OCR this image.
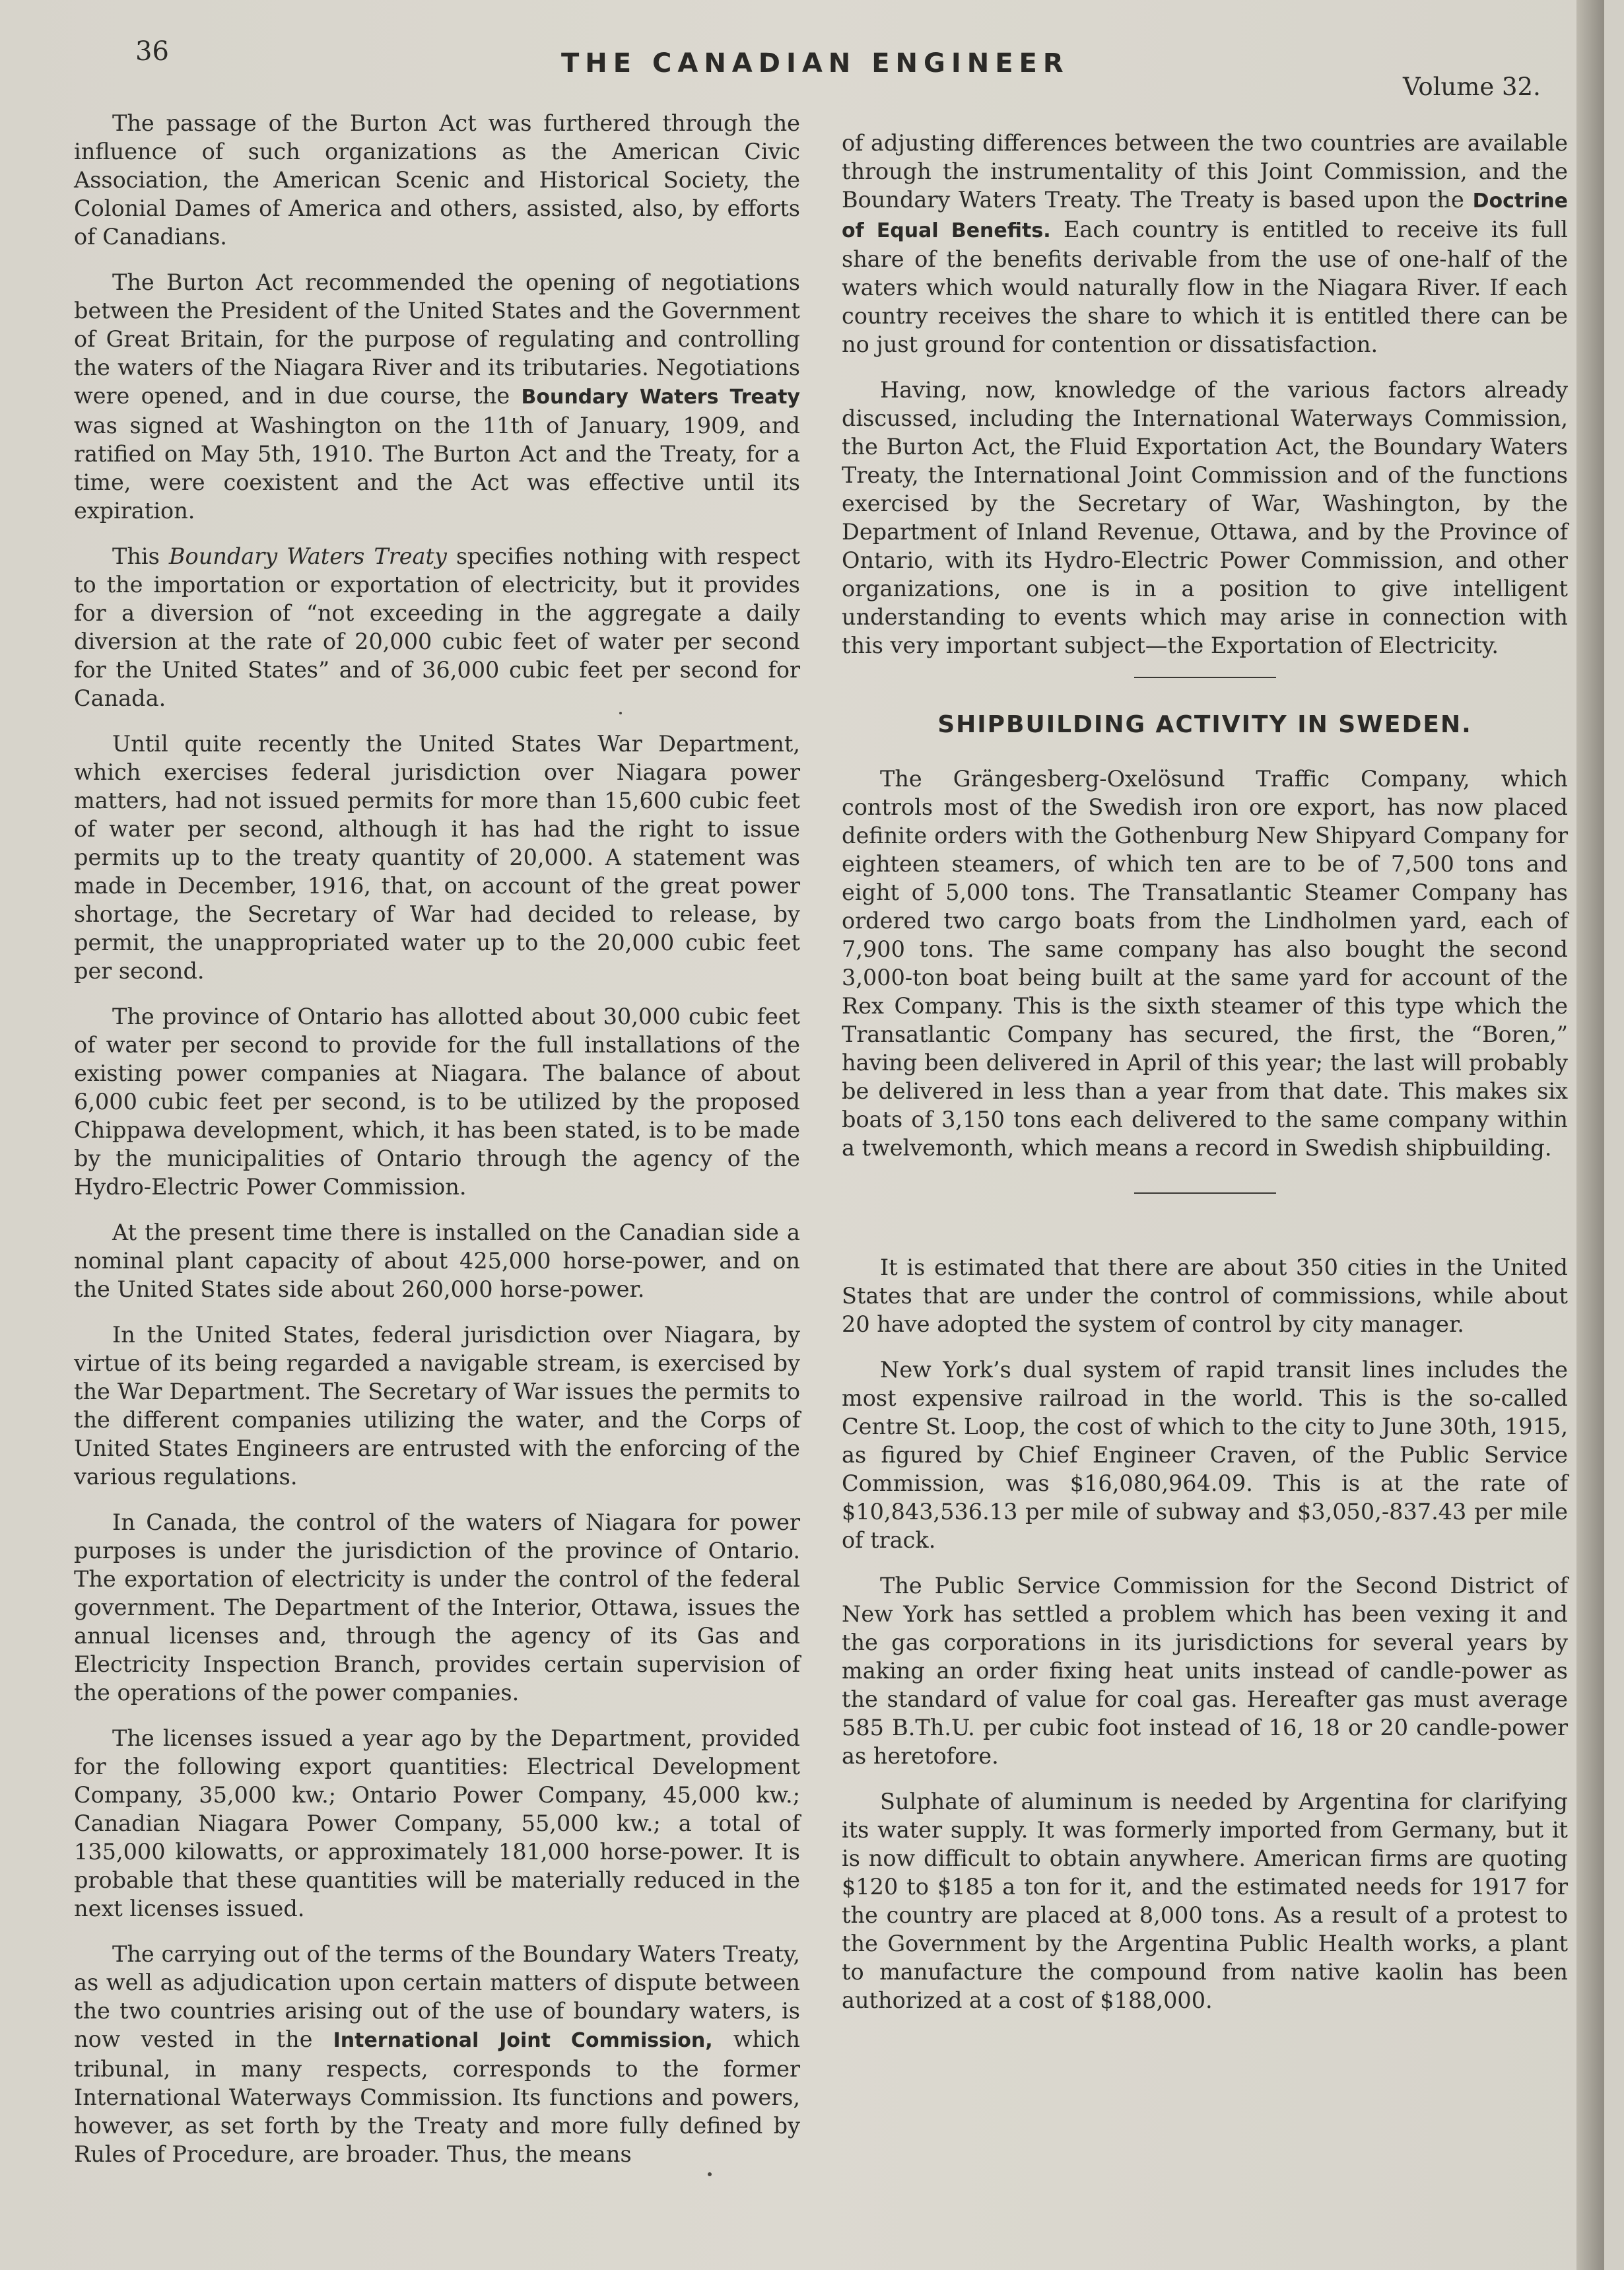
36	THE CANADIAN ENGINEER
Volume 32.

The passage of the Burton Act was furthered through the influence of such organizations as the American Civic Association, the American Scenic and Historical Society, the Colonial Dames of America and others, assisted, also, by efforts of Canadians.

The Burton Act recommended the opening of negotiations between the President of the United States and the Government of Great Britain, for the purpose of regulating and controlling the waters of the Niagara River and its tributaries. Negotiations were opened, and in due course, the Boundary Waters Treaty was signed at Washington on the 11th of January, 1909, and ratified on May 5th, 1910. The Burton Act and the Treaty, for a time, were coexistent and the Act was effective until its expiration.

This Boundary Waters Treaty specifies nothing with respect to the importation or exportation of electricity, but it provides for a diversion of “not exceeding in the aggregate a daily diversion at the rate of 20,000 cubic feet of water per second for the United States” and of 36,000 cubic feet per second for Canada.

Until quite recently the United States War Department, which exercises federal jurisdiction over Niagara power matters, had not issued permits for more than 15,600 cubic feet of water per second, although it has had the right to issue permits up to the treaty quantity of 20,000. A statement was made in December, 1916, that, on account of the great power shortage, the Secretary of War had decided to release, by permit, the unappropriated water up to the 20,000 cubic feet per second.

The province of Ontario has allotted about 30,000 cubic feet of water per second to provide for the full installations of the existing power companies at Niagara. The balance of about 6,000 cubic feet per second, is to be utilized by the proposed Chippawa development, which, it has been stated, is to be made by the municipalities of Ontario through the agency of the Hydro-Electric Power Commission.

At the present time there is installed on the Canadian side a nominal plant capacity of about 425,000 horse-power, and on the United States side about 260,000 horse-power.

In the United States, federal jurisdiction over Niagara, by virtue of its being regarded a navigable stream, is exercised by the War Department. The Secretary of War issues the permits to the different companies utilizing the water, and the Corps of United States Engineers are entrusted with the enforcing of the various regulations.

In Canada, the control of the waters of Niagara for power purposes is under the jurisdiction of the province of Ontario. The exportation of electricity is under the control of the federal government. The Department of the Interior, Ottawa, issues the annual licenses and, through the agency of its Gas and Electricity Inspection Branch, provides certain supervision of the operations of the power companies.

The licenses issued a year ago by the Department, provided for the following export quantities: Electrical Development Company, 35,000 kw.; Ontario Power Company, 45,000 kw.; Canadian Niagara Power Company, 55,000 kw.; a total of 135,000 kilowatts, or approximately 181,000 horse-power. It is probable that these quantities will be materially reduced in the next licenses issued.

The carrying out of the terms of the Boundary Waters Treaty, as well as adjudication upon certain matters of dispute between the two countries arising out of the use of boundary waters, is now vested in the International Joint Commission, which tribunal, in many respects, corresponds to the former International Waterways Commission. Its functions and powers, however, as set forth by the Treaty and more fully defined by Rules of Procedure, are broader. Thus, the means

of adjusting differences between the two countries are available through the instrumentality of this Joint Commission, and the Boundary Waters Treaty. The Treaty is based upon the Doctrine of Equal Benefits. Each country is entitled to receive its full share of the benefits derivable from the use of one-half of the waters which would naturally flow in the Niagara River. If each country receives the share to which it is entitled there can be no just ground for contention or dissatisfaction.

Having, now, knowledge of the various factors already discussed, including the International Waterways Commission, the Burton Act, the Fluid Exportation Act, the Boundary Waters Treaty, the International Joint Commission and of the functions exercised by the Secretary of War, Washington, by the Department of Inland Revenue, Ottawa, and by the Province of Ontario, with its Hydro-Electric Power Commission, and other organizations, one is in a position to give intelligent understanding to events which may arise in connection with this very important subject—the Exportation of Electricity.

SHIPBUILDING ACTIVITY IN SWEDEN.

The Grängesberg-Oxelösund Traffic Company, which controls most of the Swedish iron ore export, has now placed definite orders with the Gothenburg New Shipyard Company for eighteen steamers, of which ten are to be of 7,500 tons and eight of 5,000 tons. The Transatlantic Steamer Company has ordered two cargo boats from the Lindholmen yard, each of 7,900 tons. The same company has also bought the second 3,000-ton boat being built at the same yard for account of the Rex Company. This is the sixth steamer of this type which the Transatlantic Company has secured, the first, the “Boren,” having been delivered in April of this year; the last will probably be delivered in less than a year from that date. This makes six boats of 3,150 tons each delivered to the same company within a twelvemonth, which means a record in Swedish shipbuilding.

It is estimated that there are about 350 cities in the United States that are under the control of commissions, while about 20 have adopted the system of control by city manager.

New York’s dual system of rapid transit lines includes the most expensive railroad in the world. This is the so-called Centre St. Loop, the cost of which to the city to June 30th, 1915, as figured by Chief Engineer Craven, of the Public Service Commission, was $16,080,964.09. This is at the rate of $10,843,536.13 per mile of subway and $3,050,-837.43 per mile of track.

The Public Service Commission for the Second District of New York has settled a problem which has been vexing it and the gas corporations in its jurisdictions for several years by making an order fixing heat units instead of candle-power as the standard of value for coal gas. Hereafter gas must average 585 B.Th.U. per cubic foot instead of 16, 18 or 20 candle-power as heretofore.

Sulphate of aluminum is needed by Argentina for clarifying its water supply. It was formerly imported from Germany, but it is now difficult to obtain anywhere. American firms are quoting $120 to $185 a ton for it, and the estimated needs for 1917 for the country are placed at 8,000 tons. As a result of a protest to the Government by the Argentina Public Health works, a plant to manufacture the compound from native kaolin has been authorized at a cost of $188,000.
